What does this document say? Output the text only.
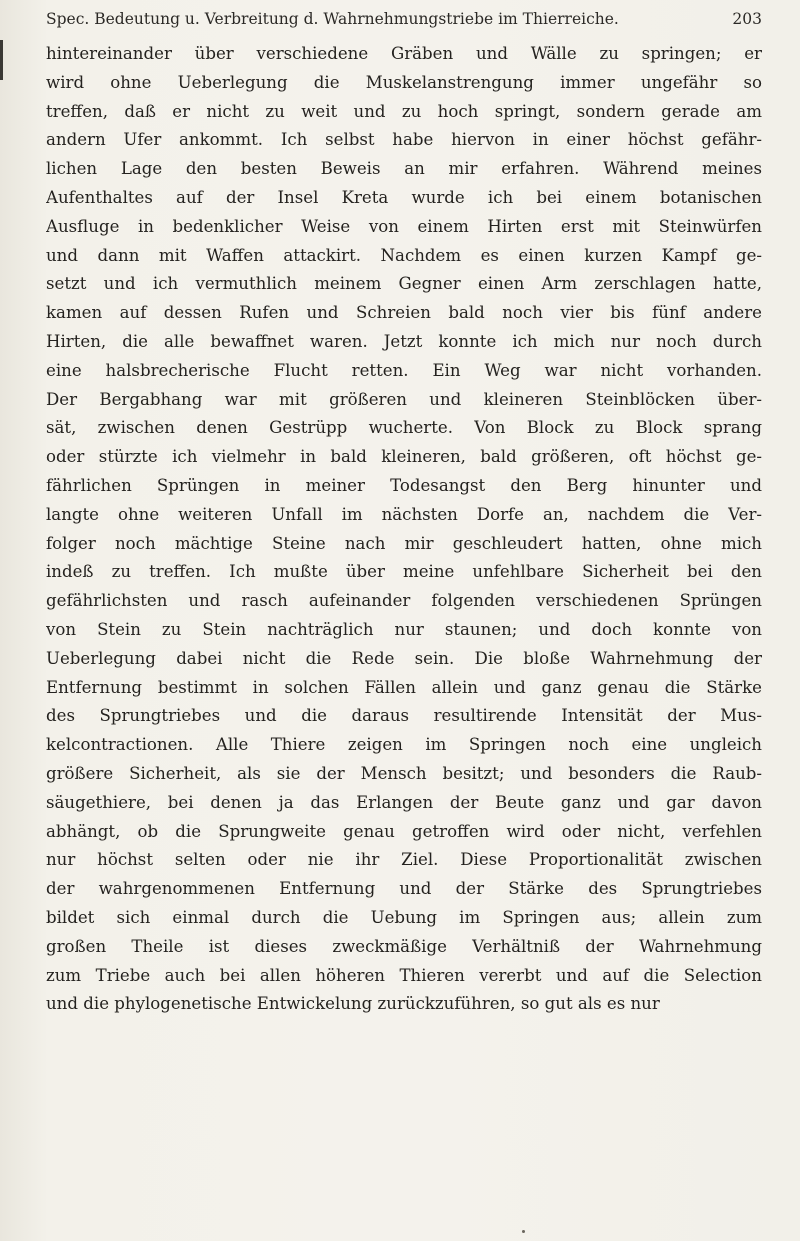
Spec. Bedeutung u. Verbreitung d. Wahrnehmungstriebe im Thierreiche.	203
hintereinander über verschiedene Gräben und Wälle zu springen; er
wird ohne Ueberlegung die Muskelanstrengung immer ungefähr so
treffen, daß er nicht zu weit und zu hoch springt, sondern gerade am
andern Ufer ankommt. Ich selbst habe hiervon in einer höchst gefähr-
lichen Lage den besten Beweis an mir erfahren. Während meines
Aufenthaltes auf der Insel Kreta wurde ich bei einem botanischen
Ausfluge in bedenklicher Weise von einem Hirten erst mit Steinwürfen
und dann mit Waffen attackirt. Nachdem es einen kurzen Kampf ge-
setzt und ich vermuthlich meinem Gegner einen Arm zerschlagen hatte,
kamen auf dessen Rufen und Schreien bald noch vier bis fünf andere
Hirten, die alle bewaffnet waren. Jetzt konnte ich mich nur noch durch
eine halsbrecherische Flucht retten. Ein Weg war nicht vorhanden.
Der Bergabhang war mit größeren und kleineren Steinblöcken über-
sät, zwischen denen Gestrüpp wucherte. Von Block zu Block sprang
oder stürzte ich vielmehr in bald kleineren, bald größeren, oft höchst ge-
fährlichen Sprüngen in meiner Todesangst den Berg hinunter und
langte ohne weiteren Unfall im nächsten Dorfe an, nachdem die Ver-
folger noch mächtige Steine nach mir geschleudert hatten, ohne mich
indeß zu treffen. Ich mußte über meine unfehlbare Sicherheit bei den
gefährlichsten und rasch aufeinander folgenden verschiedenen Sprüngen
von Stein zu Stein nachträglich nur staunen; und doch konnte von
Ueberlegung dabei nicht die Rede sein. Die bloße Wahrnehmung der
Entfernung bestimmt in solchen Fällen allein und ganz genau die Stärke
des Sprungtriebes und die daraus resultirende Intensität der Mus-
kelcontractionen. Alle Thiere zeigen im Springen noch eine ungleich
größere Sicherheit, als sie der Mensch besitzt; und besonders die Raub-
säugethiere, bei denen ja das Erlangen der Beute ganz und gar davon
abhängt, ob die Sprungweite genau getroffen wird oder nicht, verfehlen
nur höchst selten oder nie ihr Ziel. Diese Proportionalität zwischen
der wahrgenommenen Entfernung und der Stärke des Sprungtriebes
bildet sich einmal durch die Uebung im Springen aus; allein zum
großen Theile ist dieses zweckmäßige Verhältniß der Wahrnehmung
zum Triebe auch bei allen höheren Thieren vererbt und auf die Selection
und die phylogenetische Entwickelung zurückzuführen, so gut als es nur
